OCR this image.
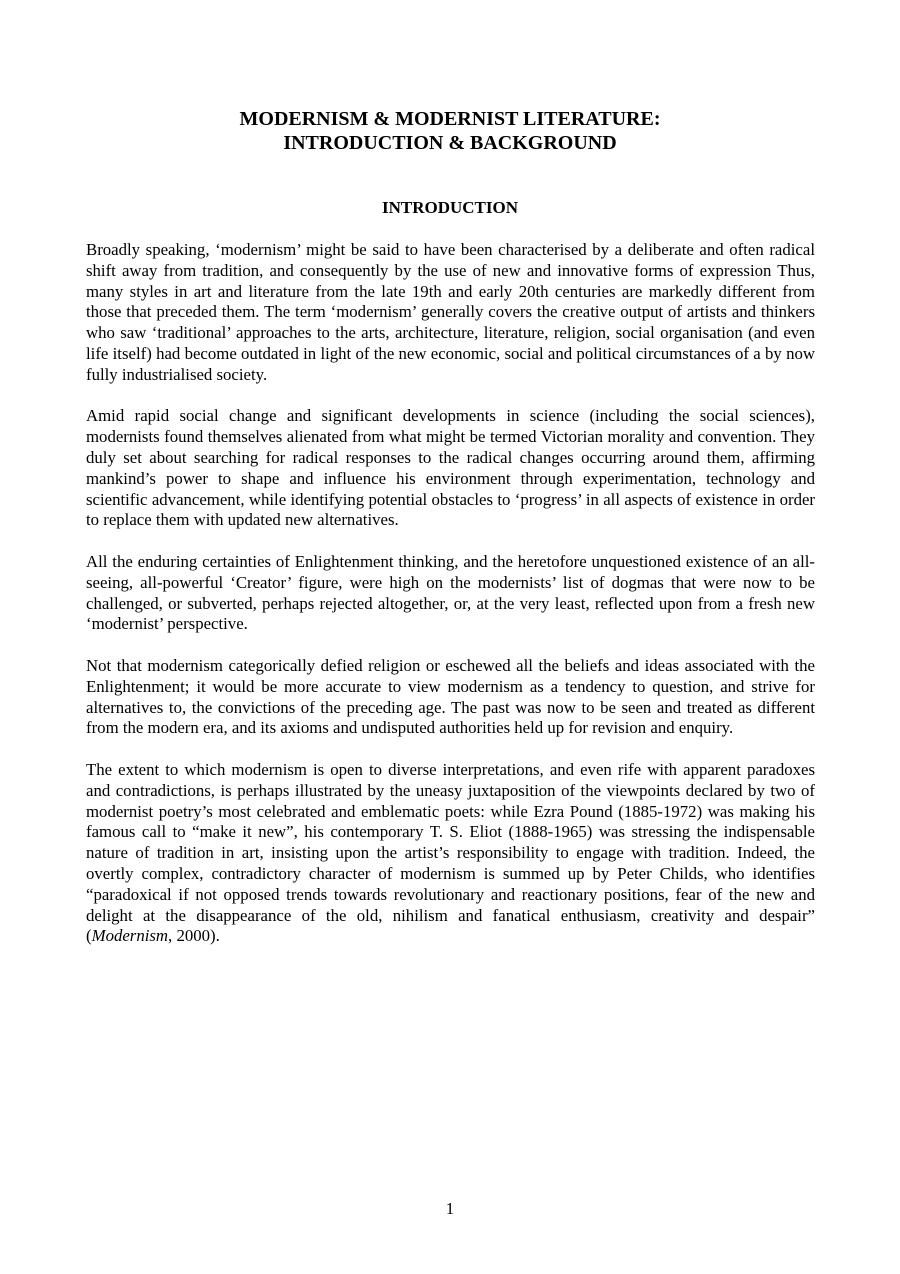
MODERNISM & MODERNIST LITERATURE:
INTRODUCTION & BACKGROUND
INTRODUCTION

Broadly speaking, ‘modernism’ might be said to have been characterised by a deliberate and often radical shift away from tradition, and consequently by the use of new and innovative forms of expression Thus, many styles in art and literature from the late 19th and early 20th centuries are markedly different from those that preceded them. The term ‘modernism’ generally covers the creative output of artists and thinkers who saw ‘traditional’ approaches to the arts, architecture, literature, religion, social organisation (and even life itself) had become outdated in light of the new economic, social and political circumstances of a by now fully industrialised society.

Amid rapid social change and significant developments in science (including the social sciences), modernists found themselves alienated from what might be termed Victorian morality and convention. They duly set about searching for radical responses to the radical changes occurring around them, affirming mankind’s power to shape and influence his environment through experimentation, technology and scientific advancement, while identifying potential obstacles to ‘progress’ in all aspects of existence in order to replace them with updated new alternatives.

All the enduring certainties of Enlightenment thinking, and the heretofore unquestioned existence of an all-seeing, all-powerful ‘Creator’ figure, were high on the modernists’ list of dogmas that were now to be challenged, or subverted, perhaps rejected altogether, or, at the very least, reflected upon from a fresh new ‘modernist’ perspective.

Not that modernism categorically defied religion or eschewed all the beliefs and ideas associated with the Enlightenment; it would be more accurate to view modernism as a tendency to question, and strive for alternatives to, the convictions of the preceding age. The past was now to be seen and treated as different from the modern era, and its axioms and undisputed authorities held up for revision and enquiry.

The extent to which modernism is open to diverse interpretations, and even rife with apparent paradoxes and contradictions, is perhaps illustrated by the uneasy juxtaposition of the viewpoints declared by two of modernist poetry’s most celebrated and emblematic poets: while Ezra Pound (1885-1972) was making his famous call to “make it new”, his contemporary T. S. Eliot (1888-1965) was stressing the indispensable nature of tradition in art, insisting upon the artist’s responsibility to engage with tradition. Indeed, the overtly complex, contradictory character of modernism is summed up by Peter Childs, who identifies “paradoxical if not opposed trends towards revolutionary and reactionary positions, fear of the new and delight at the disappearance of the old, nihilism and fanatical enthusiasm, creativity and despair” (Modernism, 2000).

1
